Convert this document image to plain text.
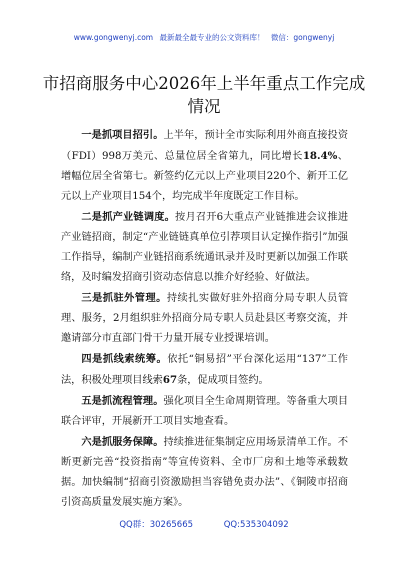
www.gongwenyj.com 最新最全最专业的公文资料库！ 微信：gongwenyj
市招商服务中心2026年上半年重点工作完成情况

一是抓项目招引。上半年，预计全市实际利用外商直接投资（FDI）998万美元、总量位居全省第九，同比增长18.4%、增幅位居全省第七。新签约亿元以上产业项目220个、新开工亿元以上产业项目154个，均完成半年度既定工作目标。

二是抓产业链调度。按月召开6大重点产业链推进会议推进产业链招商，制定“产业链链真单位引荐项目认定操作指引”加强工作指导，编制产业链招商系统通讯录并及时更新以加强工作联络，及时编发招商引资动态信息以推介好经验、好做法。

三是抓驻外管理。持续扎实做好驻外招商分局专职人员管理、服务，2月组织驻外招商分局专职人员赴县区考察交流，并邀请部分市直部门骨干力量开展专业授课培训。

四是抓线索统筹。依托“铜易招”平台深化运用“137”工作法，积极处理项目线索67条，促成项目签约。

五是抓流程管理。强化项目全生命周期管理。等备重大项目联合评审，开展新开工项目实地查看。

六是抓服务保障。持续推进征集制定应用场景清单工作。不断更新完善“投资指南”等宣传资料、全市厂房和土地等承载数据。加快编制“招商引资激励担当容错免责办法”、《铜陵市招商引资高质量发展实施方案》。

QQ群：30265665	QQ:535304092
